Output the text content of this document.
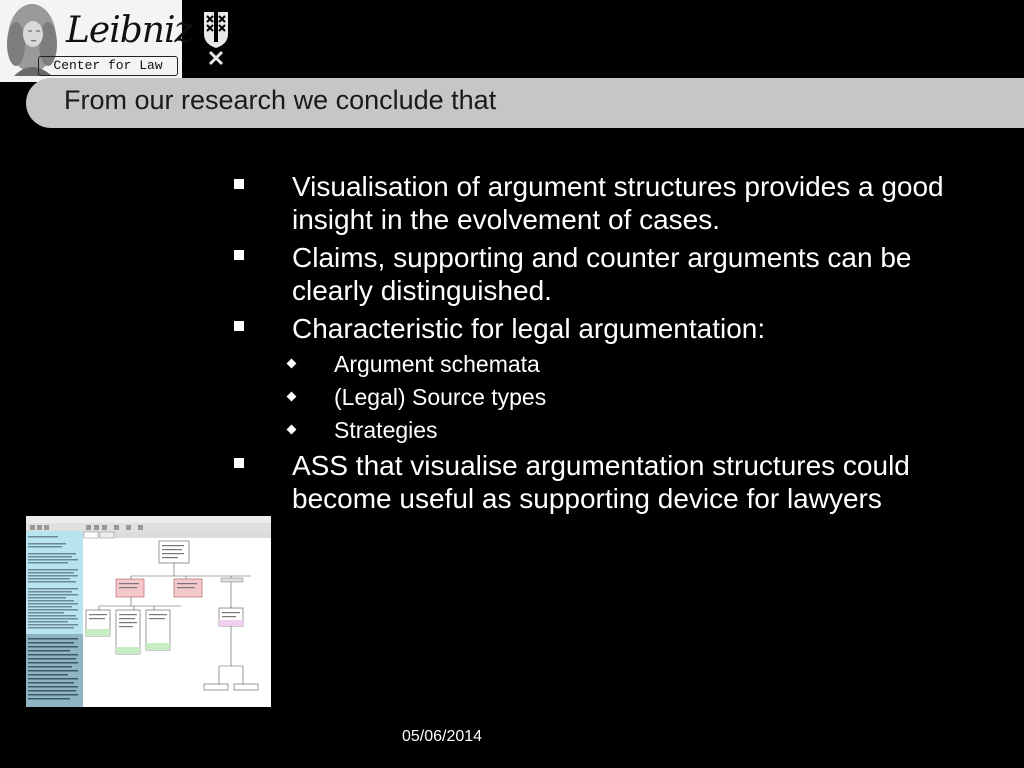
Leibniz
Center for Law
From our research we conclude that
Visualisation of argument structures provides a good insight in the evolvement of cases.
Claims, supporting and counter arguments can be clearly distinguished.
Characteristic for legal argumentation:
Argument schemata
(Legal) Source types
Strategies
ASS that visualise argumentation structures could become useful as supporting device for lawyers
05/06/2014
